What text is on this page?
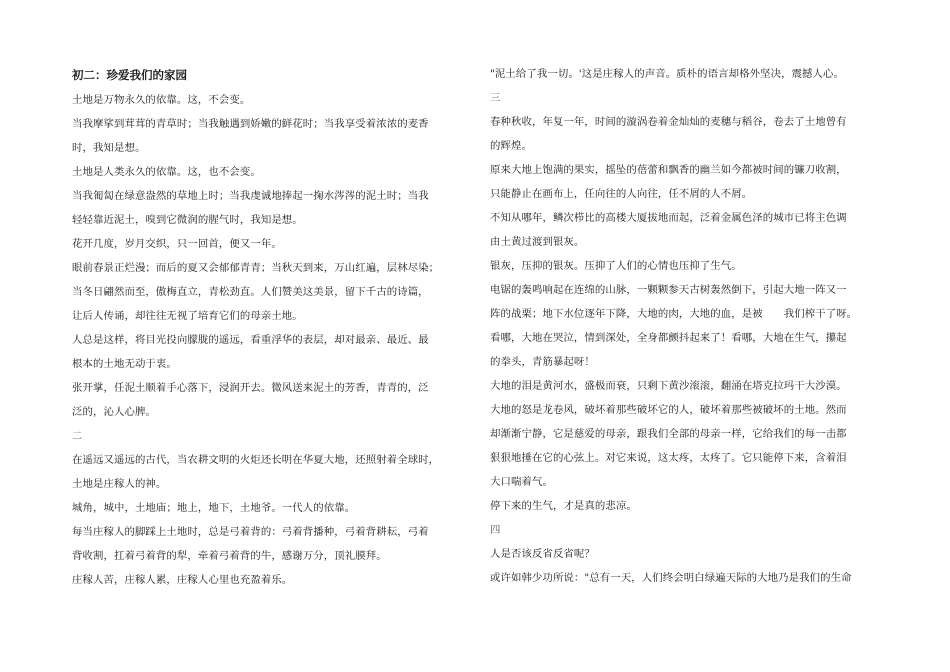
初二：珍爱我们的家园

土地是万物永久的依靠。这，不会变。

当我摩挲到茸茸的青草时；当我触遇到娇嫩的鲜花时；当我享受着浓浓的麦香

时，我知是想。

土地是人类永久的依靠。这，也不会变。

当我匍匐在绿意盎然的草地上时；当我虔诚地捧起一掬水涔涔的泥土时；当我

轻轻靠近泥土，嗅到它微润的腥气时，我知是想。

花开几度，岁月交织，只一回首，便又一年。

眼前春景正烂漫；而后的夏又会郁郁青青；当秋天到来，万山红遍，层林尽染；

当冬日翩然而至，傲梅直立，青松劲直。人们赞美这美景，留下千古的诗篇，

让后人传诵，却往往无视了培育它们的母亲土地。

人总是这样，将目光投向朦胧的遥远，看重浮华的表层，却对最亲、最近、最

根本的土地无动于衷。

张开掌，任泥土顺着手心落下，浸润开去。微风送来泥土的芳香，青青的，泛

泛的，沁人心脾。

二

在遥远又遥远的古代，当农耕文明的火炬还长明在华夏大地，还照射着全球时，

土地是庄稼人的神。

城角，城中，土地庙；地上，地下，土地爷。一代人的依靠。

每当庄稼人的脚踩上土地时，总是弓着背的：弓着背播种，弓着背耕耘，弓着

背收割，扛着弓着背的犁，牵着弓着背的牛，感谢万分，顶礼膜拜。

庄稼人苦，庄稼人累，庄稼人心里也充盈着乐。

"泥土给了我一切。'这是庄稼人的声音。质朴的语言却格外坚决，震撼人心。

三

春种秋收，年复一年，时间的漩涡卷着金灿灿的麦穗与稻谷，卷去了土地曾有

的辉煌。

原来大地上饱满的果实，摇坠的蓓蕾和飘香的幽兰如今都被时间的镰刀收割，

只能静止在画布上，任向往的人向往，任不屑的人不屑。

不知从哪年，鳞次栉比的高楼大厦拔地而起，泛着金属色泽的城市已将主色调

由土黄过渡到银灰。

银灰，压抑的银灰。压抑了人们的心情也压抑了生气。

电锯的轰鸣响起在连绵的山脉，一颗颗参天古树轰然倒下，引起大地一阵又一

阵的战栗；地下水位逐年下降，大地的肉，大地的血，是被　　我们榨干了呀。

看哪，大地在哭泣，情到深处，全身都颤抖起来了！看哪，大地在生气，攥起

的拳头，青筋暴起呀！

大地的泪是黄河水，盛极而衰，只剩下黄沙滚滚，翻涌在塔克拉玛干大沙漠。

大地的怒是龙卷风，破坏着那些破坏它的人，破坏着那些被破坏的土地。然而

却渐渐宁静，它是慈爱的母亲，跟我们全部的母亲一样，它给我们的每一击都

狠狠地捶在它的心弦上。对它来说，这太疼，太疼了。它只能停下来，含着泪

大口喘着气。

停下来的生气，才是真的悲凉。

四

人是否该反省反省呢？

或许如韩少功所说："总有一天，人们终会明白绿遍天际的大地乃是我们的生命
